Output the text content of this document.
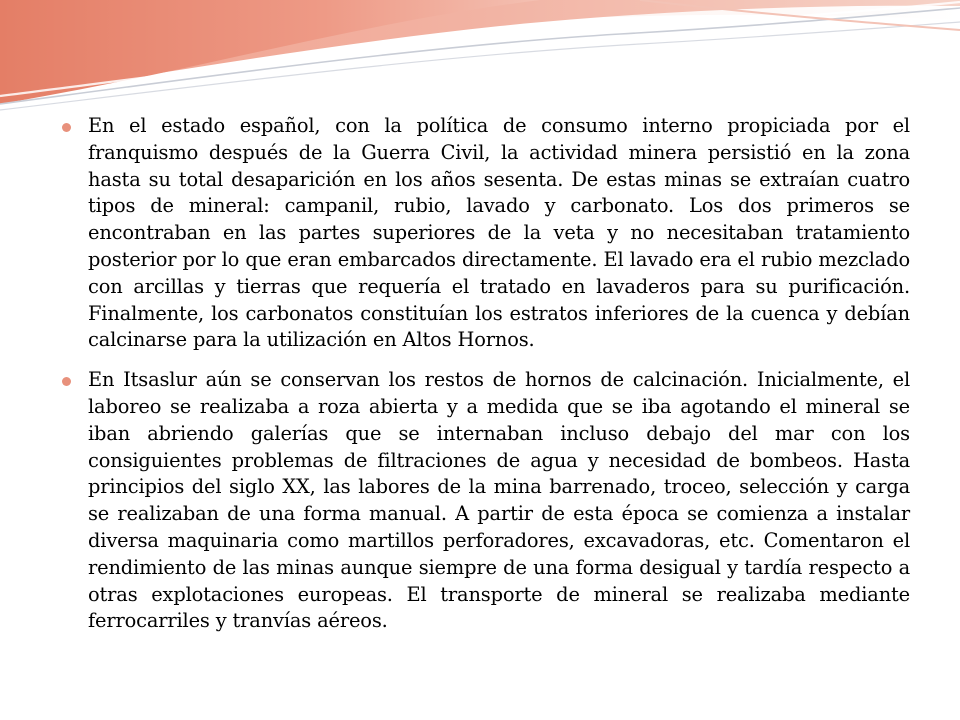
En el estado español, con la política de consumo interno propiciada por el franquismo después de la Guerra Civil, la actividad minera persistió en la zona hasta su total desaparición en los años sesenta. De estas minas se extraían cuatro tipos de mineral: campanil, rubio, lavado y carbonato. Los dos primeros se encontraban en las partes superiores de la veta y no necesitaban tratamiento posterior por lo que eran embarcados directamente. El lavado era el rubio mezclado con arcillas y tierras que requería el tratado en lavaderos para su purificación. Finalmente, los carbonatos constituían los estratos inferiores de la cuenca y debían calcinarse para la utilización en Altos Hornos.
En Itsaslur aún se conservan los restos de hornos de calcinación. Inicialmente, el laboreo se realizaba a roza abierta y a medida que se iba agotando el mineral se iban abriendo galerías que se internaban incluso debajo del mar con los consiguientes problemas de filtraciones de agua y necesidad de bombeos. Hasta principios del siglo XX, las labores de la mina barrenado, troceo, selección y carga se realizaban de una forma manual. A partir de esta época se comienza a instalar diversa maquinaria como martillos perforadores, excavadoras, etc. Comentaron el rendimiento de las minas aunque siempre de una forma desigual y tardía respecto a otras explotaciones europeas. El transporte de mineral se realizaba mediante ferrocarriles y tranvías aéreos.
